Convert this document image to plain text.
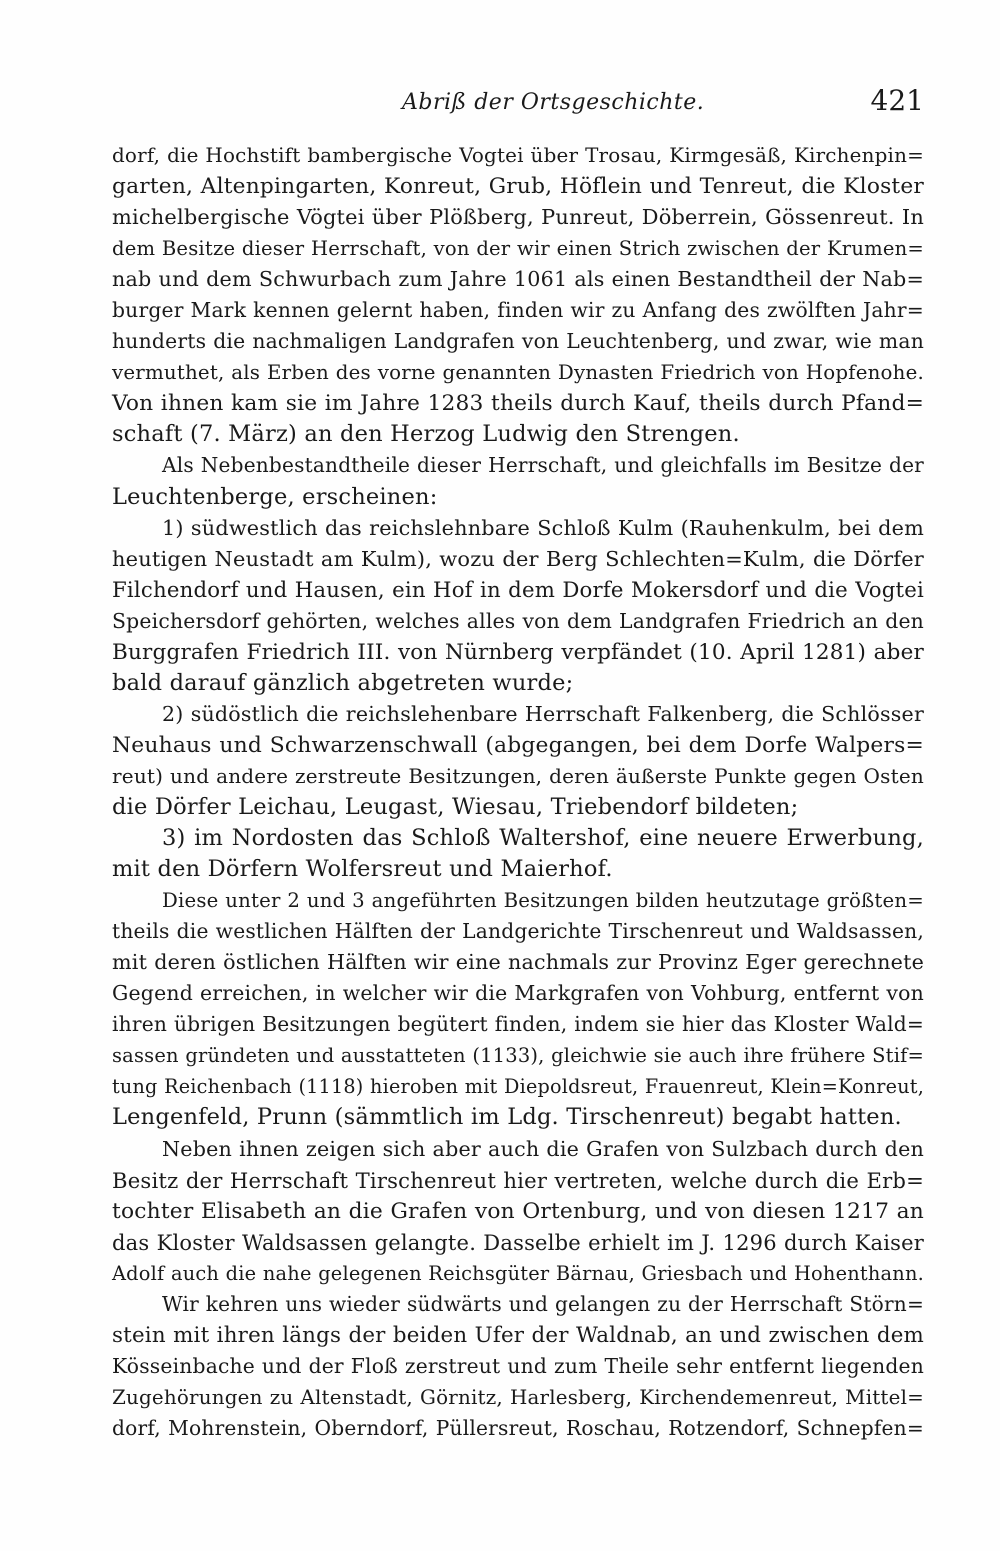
Abriß der Ortsgeschichte.	421
dorf, die Hochstift bambergische Vogtei über Trosau, Kirmgesäß, Kirchenpin=
garten, Altenpingarten, Konreut, Grub, Höflein und Tenreut, die Kloster
michelbergische Vögtei über Plößberg, Punreut, Döberrein, Gössenreut. In
dem Besitze dieser Herrschaft, von der wir einen Strich zwischen der Krumen=
nab und dem Schwurbach zum Jahre 1061 als einen Bestandtheil der Nab=
burger Mark kennen gelernt haben, finden wir zu Anfang des zwölften Jahr=
hunderts die nachmaligen Landgrafen von Leuchtenberg, und zwar, wie man
vermuthet, als Erben des vorne genannten Dynasten Friedrich von Hopfenohe.
Von ihnen kam sie im Jahre 1283 theils durch Kauf, theils durch Pfand=
schaft (7. März) an den Herzog Ludwig den Strengen.
Als Nebenbestandtheile dieser Herrschaft, und gleichfalls im Besitze der
Leuchtenberge, erscheinen:
1) südwestlich das reichslehnbare Schloß Kulm (Rauhenkulm, bei dem
heutigen Neustadt am Kulm), wozu der Berg Schlechten=Kulm, die Dörfer
Filchendorf und Hausen, ein Hof in dem Dorfe Mokersdorf und die Vogtei
Speichersdorf gehörten, welches alles von dem Landgrafen Friedrich an den
Burggrafen Friedrich III. von Nürnberg verpfändet (10. April 1281) aber
bald darauf gänzlich abgetreten wurde;
2) südöstlich die reichslehenbare Herrschaft Falkenberg, die Schlösser
Neuhaus und Schwarzenschwall (abgegangen, bei dem Dorfe Walpers=
reut) und andere zerstreute Besitzungen, deren äußerste Punkte gegen Osten
die Dörfer Leichau, Leugast, Wiesau, Triebendorf bildeten;
3) im Nordosten das Schloß Waltershof, eine neuere Erwerbung,
mit den Dörfern Wolfersreut und Maierhof.
Diese unter 2 und 3 angeführten Besitzungen bilden heutzutage größten=
theils die westlichen Hälften der Landgerichte Tirschenreut und Waldsassen,
mit deren östlichen Hälften wir eine nachmals zur Provinz Eger gerechnete
Gegend erreichen, in welcher wir die Markgrafen von Vohburg, entfernt von
ihren übrigen Besitzungen begütert finden, indem sie hier das Kloster Wald=
sassen gründeten und ausstatteten (1133), gleichwie sie auch ihre frühere Stif=
tung Reichenbach (1118) hieroben mit Diepoldsreut, Frauenreut, Klein=Konreut,
Lengenfeld, Prunn (sämmtlich im Ldg. Tirschenreut) begabt hatten.
Neben ihnen zeigen sich aber auch die Grafen von Sulzbach durch den
Besitz der Herrschaft Tirschenreut hier vertreten, welche durch die Erb=
tochter Elisabeth an die Grafen von Ortenburg, und von diesen 1217 an
das Kloster Waldsassen gelangte. Dasselbe erhielt im J. 1296 durch Kaiser
Adolf auch die nahe gelegenen Reichsgüter Bärnau, Griesbach und Hohenthann.
Wir kehren uns wieder südwärts und gelangen zu der Herrschaft Störn=
stein mit ihren längs der beiden Ufer der Waldnab, an und zwischen dem
Kösseinbache und der Floß zerstreut und zum Theile sehr entfernt liegenden
Zugehörungen zu Altenstadt, Görnitz, Harlesberg, Kirchendemenreut, Mittel=
dorf, Mohrenstein, Oberndorf, Püllersreut, Roschau, Rotzendorf, Schnepfen=
